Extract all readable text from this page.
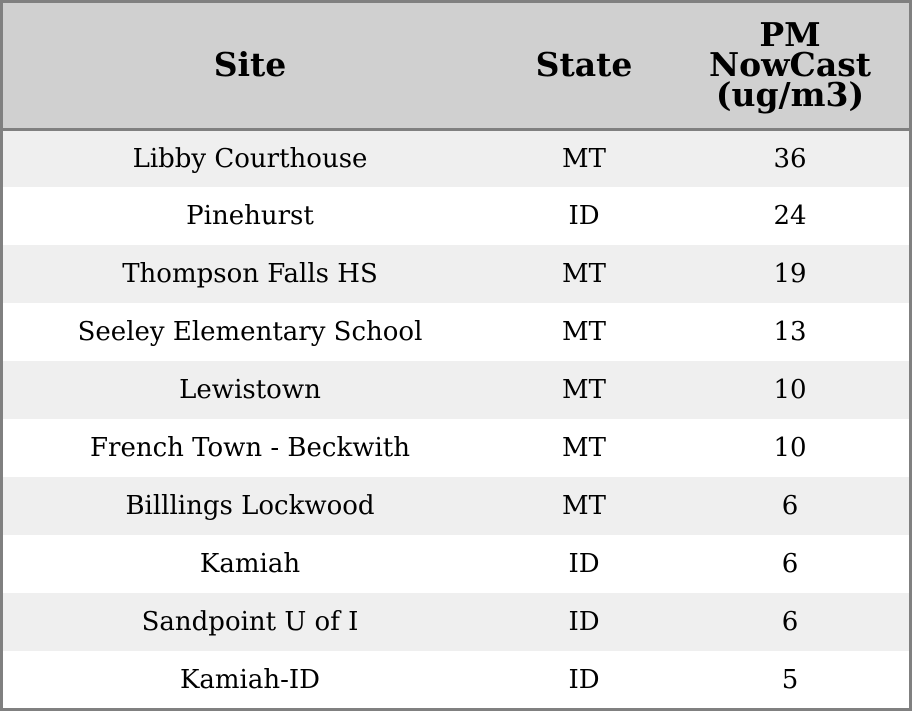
Site	State	PM
NowCast
(ug/m3)

Libby Courthouse	MT	36
Pinehurst	ID	24
Thompson Falls HS	MT	19
Seeley Elementary School	MT	13
Lewistown	MT	10
French Town - Beckwith	MT	10
Billlings Lockwood	MT	6
Kamiah	ID	6
Sandpoint U of I	ID	6
Kamiah-ID	ID	5
